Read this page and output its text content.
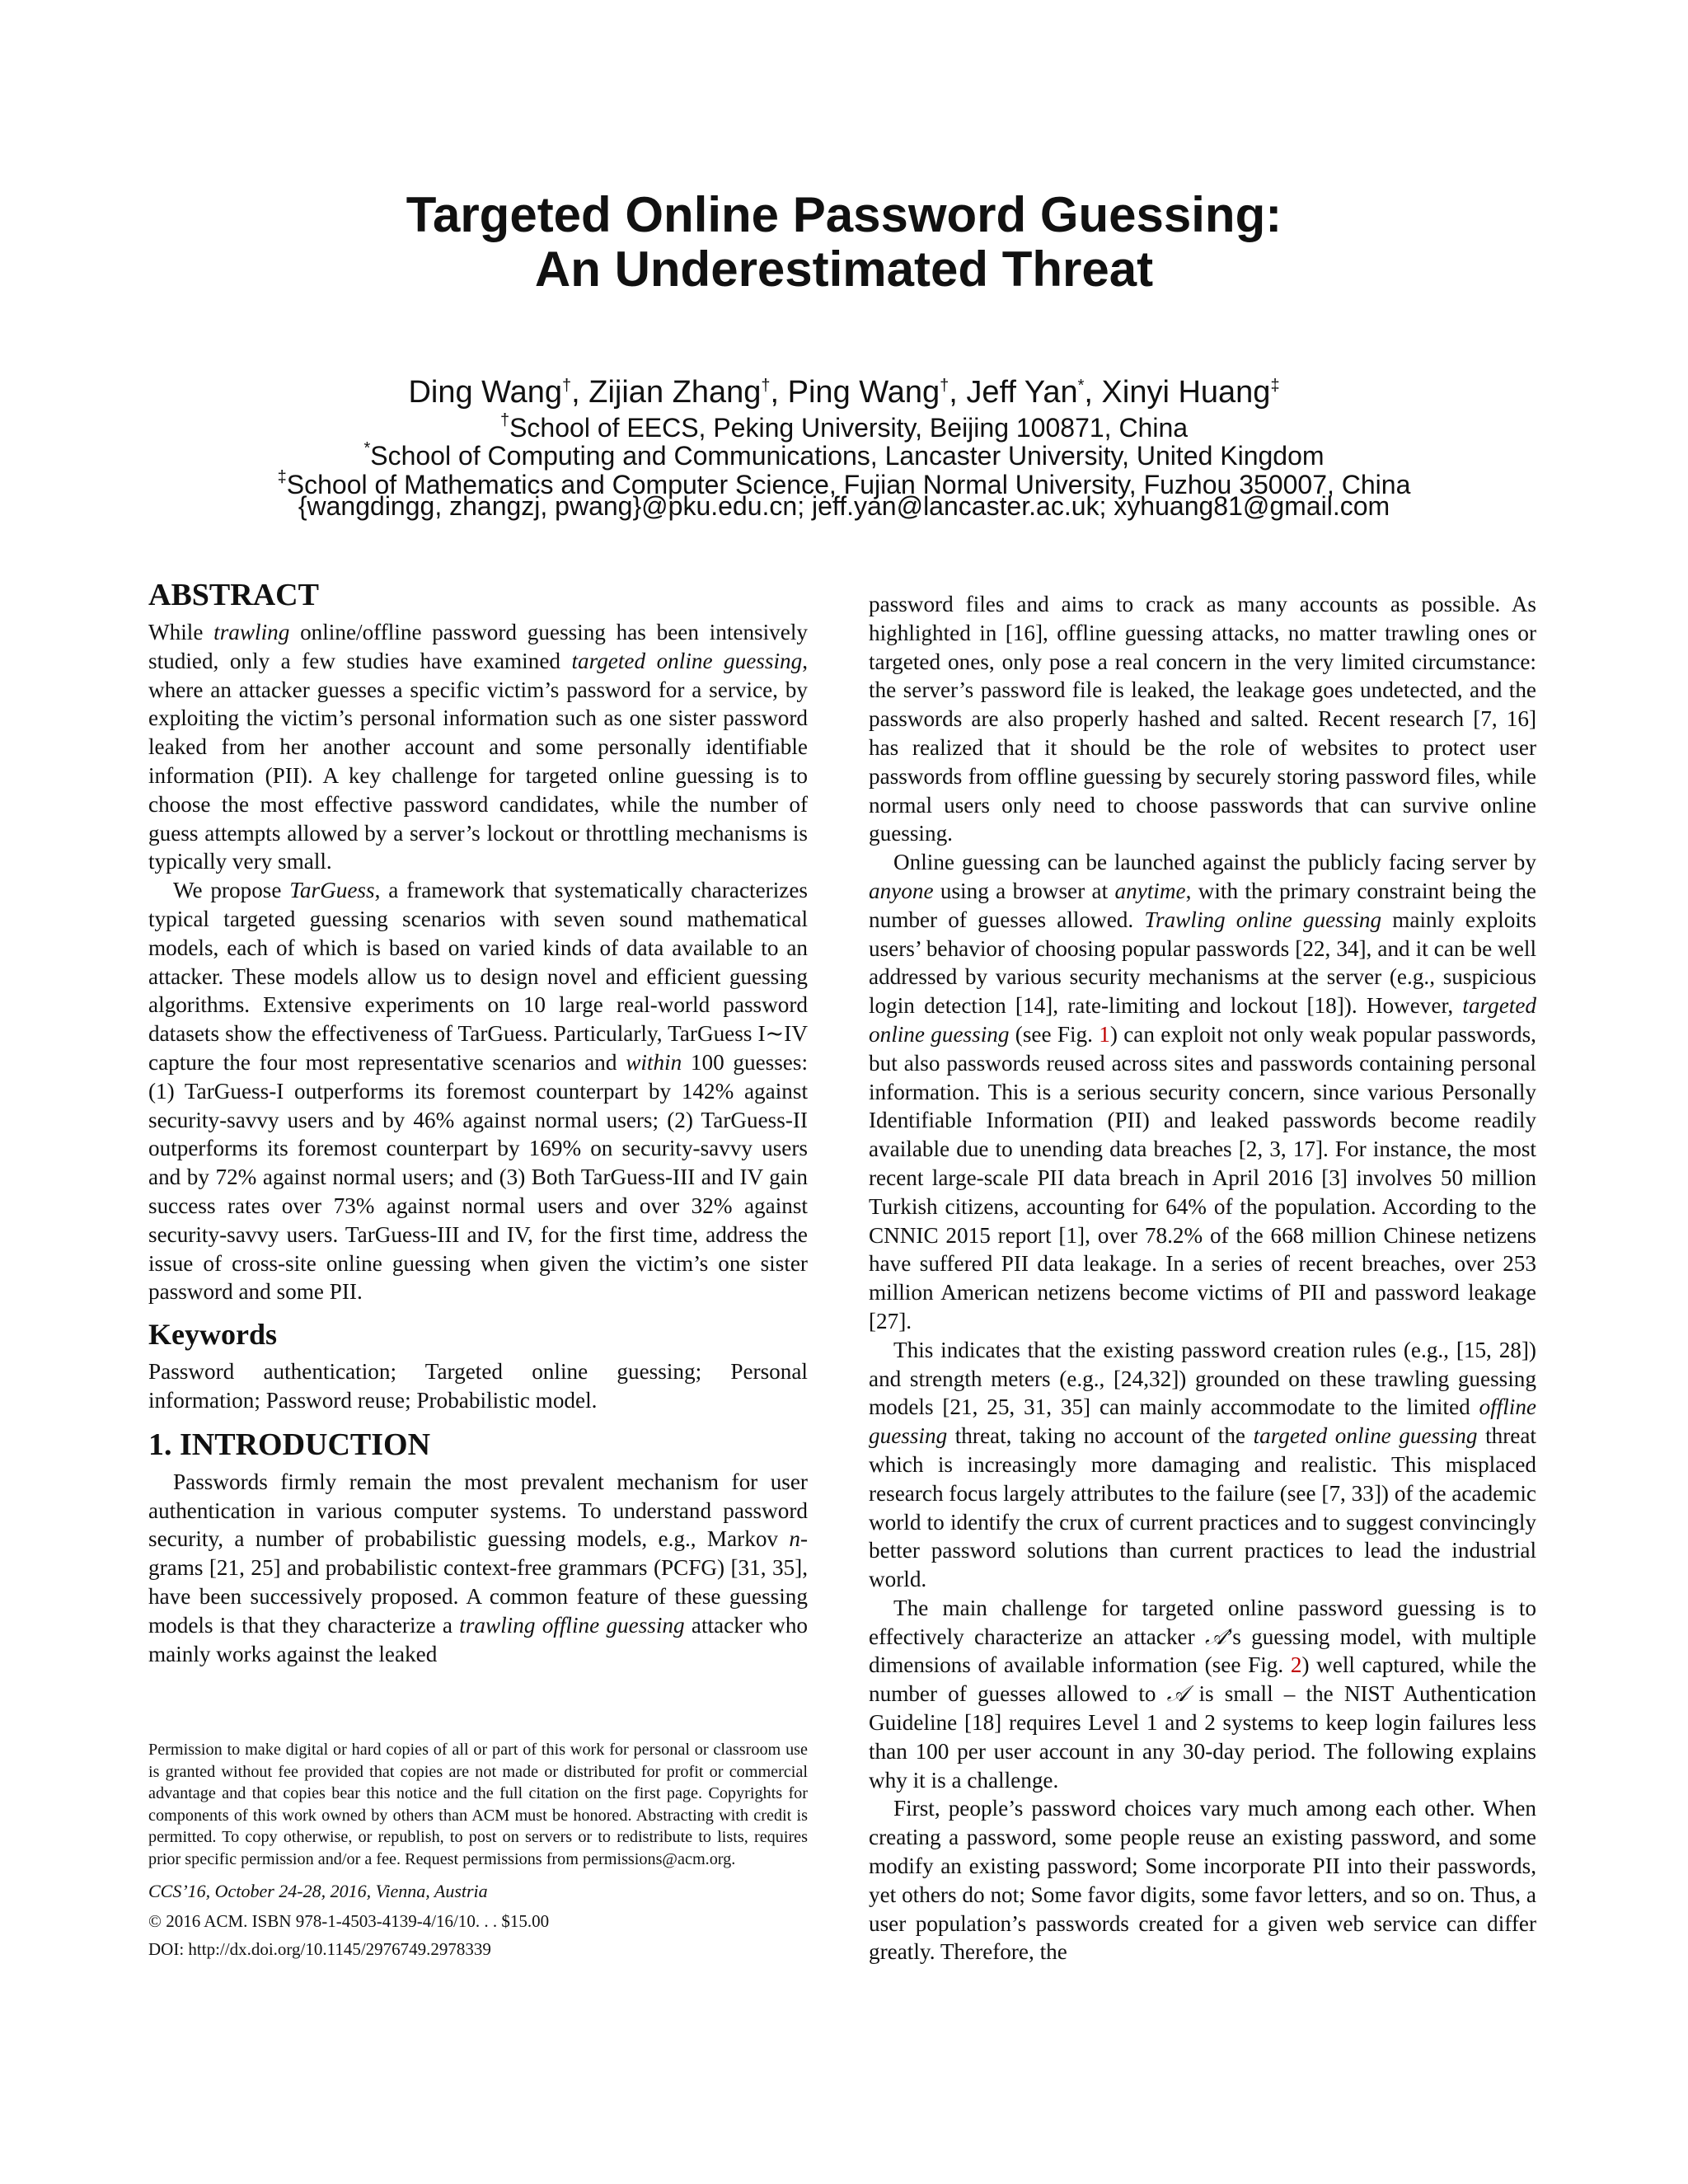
Targeted Online Password Guessing:
An Underestimated Threat
Ding Wang†, Zijian Zhang†, Ping Wang†, Jeff Yan*, Xinyi Huang‡
†School of EECS, Peking University, Beijing 100871, China
*School of Computing and Communications, Lancaster University, United Kingdom
‡School of Mathematics and Computer Science, Fujian Normal University, Fuzhou 350007, China
{wangdingg, zhangzj, pwang}@pku.edu.cn; jeff.yan@lancaster.ac.uk; xyhuang81@gmail.com
ABSTRACT

While trawling online/offline password guessing has been intensively studied, only a few studies have examined targeted online guessing, where an attacker guesses a specific victim’s password for a service, by exploiting the victim’s personal information such as one sister password leaked from her another account and some personally identifiable information (PII). A key challenge for targeted online guessing is to choose the most effective password candidates, while the number of guess attempts allowed by a server’s lockout or throttling mechanisms is typically very small.

We propose TarGuess, a framework that systematically characterizes typical targeted guessing scenarios with seven sound mathematical models, each of which is based on varied kinds of data available to an attacker. These models allow us to design novel and efficient guessing algorithms. Extensive experiments on 10 large real-world password datasets show the effectiveness of TarGuess. Particularly, TarGuess I∼IV capture the four most representative scenarios and within 100 guesses: (1) TarGuess-I outperforms its foremost counterpart by 142% against security-savvy users and by 46% against normal users; (2) TarGuess-II outperforms its foremost counterpart by 169% on security-savvy users and by 72% against normal users; and (3) Both TarGuess-III and IV gain success rates over 73% against normal users and over 32% against security-savvy users. TarGuess-III and IV, for the first time, address the issue of cross-site online guessing when given the victim’s one sister password and some PII.

Keywords

Password authentication; Targeted online guessing; Personal information; Password reuse; Probabilistic model.

1. INTRODUCTION

Passwords firmly remain the most prevalent mechanism for user authentication in various computer systems. To understand password security, a number of probabilistic guessing models, e.g., Markov n-grams [21, 25] and probabilistic context-free grammars (PCFG) [31, 35], have been successively proposed. A common feature of these guessing models is that they characterize a trawling offline guessing attacker who mainly works against the leaked

Permission to make digital or hard copies of all or part of this work for personal or classroom use is granted without fee provided that copies are not made or distributed for profit or commercial advantage and that copies bear this notice and the full citation on the first page. Copyrights for components of this work owned by others than ACM must be honored. Abstracting with credit is permitted. To copy otherwise, or republish, to post on servers or to redistribute to lists, requires prior specific permission and/or a fee. Request permissions from permissions@acm.org.

CCS’16, October 24-28, 2016, Vienna, Austria

© 2016 ACM. ISBN 978-1-4503-4139-4/16/10. . . $15.00

DOI: http://dx.doi.org/10.1145/2976749.2978339

password files and aims to crack as many accounts as possible. As highlighted in [16], offline guessing attacks, no matter trawling ones or targeted ones, only pose a real concern in the very limited circumstance: the server’s password file is leaked, the leakage goes undetected, and the passwords are also properly hashed and salted. Recent research [7, 16] has realized that it should be the role of websites to protect user passwords from offline guessing by securely storing password files, while normal users only need to choose passwords that can survive online guessing.

Online guessing can be launched against the publicly facing server by anyone using a browser at anytime, with the primary constraint being the number of guesses allowed. Trawling online guessing mainly exploits users’ behavior of choosing popular passwords [22, 34], and it can be well addressed by various security mechanisms at the server (e.g., suspicious login detection [14], rate-limiting and lockout [18]). However, targeted online guessing (see Fig. 1) can exploit not only weak popular passwords, but also passwords reused across sites and passwords containing personal information. This is a serious security concern, since various Personally Identifiable Information (PII) and leaked passwords become readily available due to unending data breaches [2, 3, 17]. For instance, the most recent large-scale PII data breach in April 2016 [3] involves 50 million Turkish citizens, accounting for 64% of the population. According to the CNNIC 2015 report [1], over 78.2% of the 668 million Chinese netizens have suffered PII data leakage. In a series of recent breaches, over 253 million American netizens become victims of PII and password leakage [27].

This indicates that the existing password creation rules (e.g., [15, 28]) and strength meters (e.g., [24,32]) grounded on these trawling guessing models [21, 25, 31, 35] can mainly accommodate to the limited offline guessing threat, taking no account of the targeted online guessing threat which is increasingly more damaging and realistic. This misplaced research focus largely attributes to the failure (see [7, 33]) of the academic world to identify the crux of current practices and to suggest convincingly better password solutions than current practices to lead the industrial world.

The main challenge for targeted online password guessing is to effectively characterize an attacker 𝒜’s guessing model, with multiple dimensions of available information (see Fig. 2) well captured, while the number of guesses allowed to 𝒜 is small – the NIST Authentication Guideline [18] requires Level 1 and 2 systems to keep login failures less than 100 per user account in any 30-day period. The following explains why it is a challenge.

First, people’s password choices vary much among each other. When creating a password, some people reuse an existing password, and some modify an existing password; Some incorporate PII into their passwords, yet others do not; Some favor digits, some favor letters, and so on. Thus, a user population’s passwords created for a given web service can differ greatly. Therefore, the
